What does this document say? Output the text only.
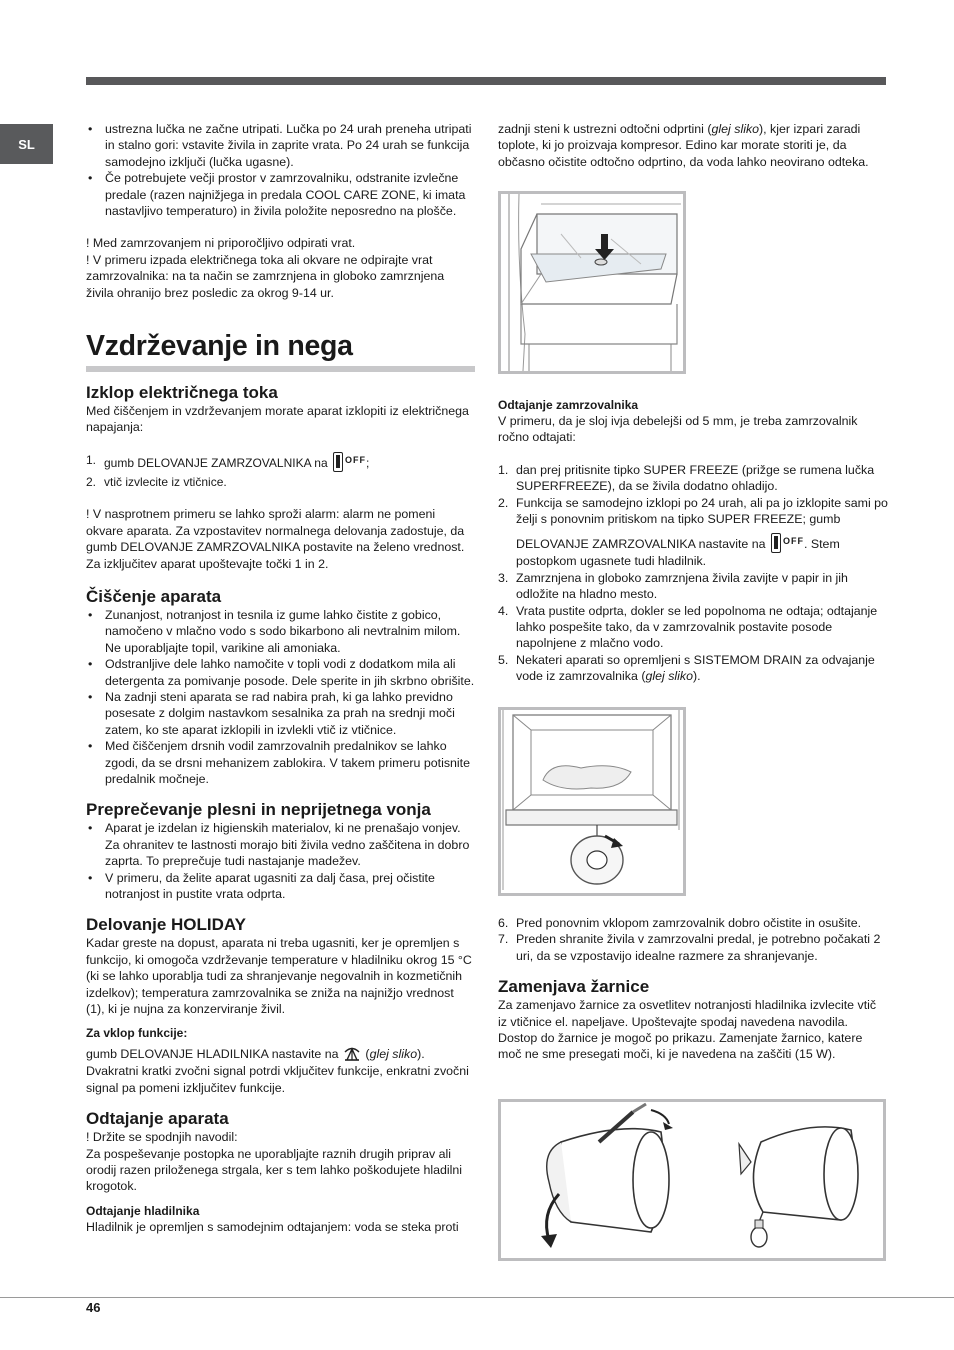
SL

• ustrezna lučka ne začne utripati. Lučka po 24 urah preneha utripati in stalno gori: vstavite živila in zaprite vrata. Po 24 urah se funkcija samodejno izključi (lučka ugasne).

• Če potrebujete večji prostor v zamrzovalniku, odstranite izvlečne predale (razen najnižjega in predala COOL CARE ZONE, ki imata nastavljivo temperaturo) in živila položite neposredno na plošče.

! Med zamrzovanjem ni priporočljivo odpirati vrat.

! V primeru izpada električnega toka ali okvare ne odpirajte vrat zamrzovalnika: na ta način se zamrznjena in globoko zamrznjena živila ohranijo brez posledic za okrog 9-14 ur.

Vzdrževanje in nega
Izklop električnega toka

Med čiščenjem in vzdrževanjem morate aparat izklopiti iz električnega napajanja:

1. gumb DELOVANJE ZAMRZOVALNIKA na $^{OFF}$;

2. vtič izvlecite iz vtičnice.

! V nasprotnem primeru se lahko sproži alarm: alarm ne pomeni okvare aparata. Za vzpostavitev normalnega delovanja zadostuje, da gumb DELOVANJE ZAMRZOVALNIKA postavite na želeno vrednost. Za izključitev aparat upoštevajte točki 1 in 2.

Čiščenje aparata

• Zunanjost, notranjost in tesnila iz gume lahko čistite z gobico, namočeno v mlačno vodo s sodo bikarbono ali nevtralnim milom. Ne uporabljajte topil, varikine ali amoniaka.

• Odstranljive dele lahko namočite v topli vodi z dodatkom mila ali detergenta za pomivanje posode. Dele sperite in jih skrbno obrišite.

• Na zadnji steni aparata se rad nabira prah, ki ga lahko previdno posesate z dolgim nastavkom sesalnika za prah na srednji moči zatem, ko ste aparat izklopili in izvlekli vtič iz vtičnice.

• Med čiščenjem drsnih vodil zamrzovalnih predalnikov se lahko zgodi, da se drsni mehanizem zablokira. V takem primeru potisnite predalnik močneje.

Preprečevanje plesni in neprijetnega vonja

• Aparat je izdelan iz higienskih materialov, ki ne prenašajo vonjev. Za ohranitev te lastnosti morajo biti živila vedno zaščitena in dobro zaprta. To preprečuje tudi nastajanje madežev.

• V primeru, da želite aparat ugasniti za dalj časa, prej očistite notranjost in pustite vrata odprta.

Delovanje HOLIDAY

Kadar greste na dopust, aparata ni treba ugasniti, ker je opremljen s funkcijo, ki omogoča vzdrževanje temperature v hladilniku okrog 15 °C (ki se lahko uporablja tudi za shranjevanje negovalnih in kozmetičnih izdelkov); temperatura zamrzovalnika se zniža na najnižjo vrednost (1), ki je nujna za konzerviranje živil.

Za vklop funkcije:

gumb DELOVANJE HLADILNIKA nastavite na  (glej sliko).

Dvakratni kratki zvočni signal potrdi vključitev funkcije, enkratni zvočni signal pa pomeni izključitev funkcije.

Odtajanje aparata

! Držite se spodnjih navodil:

Za pospeševanje postopka ne uporabljajte raznih drugih priprav ali orodij razen priloženega strgala, ker s tem lahko poškodujete hladilni krogotok.

Odtajanje hladilnika

Hladilnik je opremljen s samodejnim odtajanjem: voda se steka proti

zadnji steni k ustrezni odtočni odprtini (glej sliko), kjer izpari zaradi toplote, ki jo proizvaja kompresor. Edino kar morate storiti je, da občasno očistite odtočno odprtino, da voda lahko neovirano odteka.

Odtajanje zamrzovalnika

V primeru, da je sloj ivja debelejši od 5 mm, je treba zamrzovalnik ročno odtajati:

1. dan prej pritisnite tipko SUPER FREEZE (prižge se rumena lučka SUPERFREEZE), da se živila dodatno ohladijo.

2. Funkcija se samodejno izklopi po 24 urah, ali pa jo izklopite sami po želji s ponovnim pritiskom na tipko SUPER FREEZE; gumb

DELOVANJE ZAMRZOVALNIKA nastavite na $^{OFF}$. Stem

postopkom ugasnete tudi hladilnik.

3. Zamrznjena in globoko zamrznjena živila zavijte v papir in jih odložite na hladno mesto.

4. Vrata pustite odprta, dokler se led popolnoma ne odtaja; odtajanje lahko pospešite tako, da v zamrzovalnik postavite posode napolnjene z mlačno vodo.

5. Nekateri aparati so opremljeni s SISTEMOM DRAIN za odvajanje vode iz zamrzovalnika (glej sliko).

6. Pred ponovnim vklopom zamrzovalnik dobro očistite in osušite.

7. Preden shranite živila v zamrzovalni predal, je potrebno počakati 2 uri, da se vzpostavijo idealne razmere za shranjevanje.

Zamenjava žarnice

Za zamenjavo žarnice za osvetlitev notranjosti hladilnika izvlecite vtič iz vtičnice el. napeljave. Upoštevajte spodaj navedena navodila. Dostop do žarnice je mogoč po prikazu. Zamenjate žarnico, katere moč ne sme presegati moči, ki je navedena na zaščiti (15 W).

46
